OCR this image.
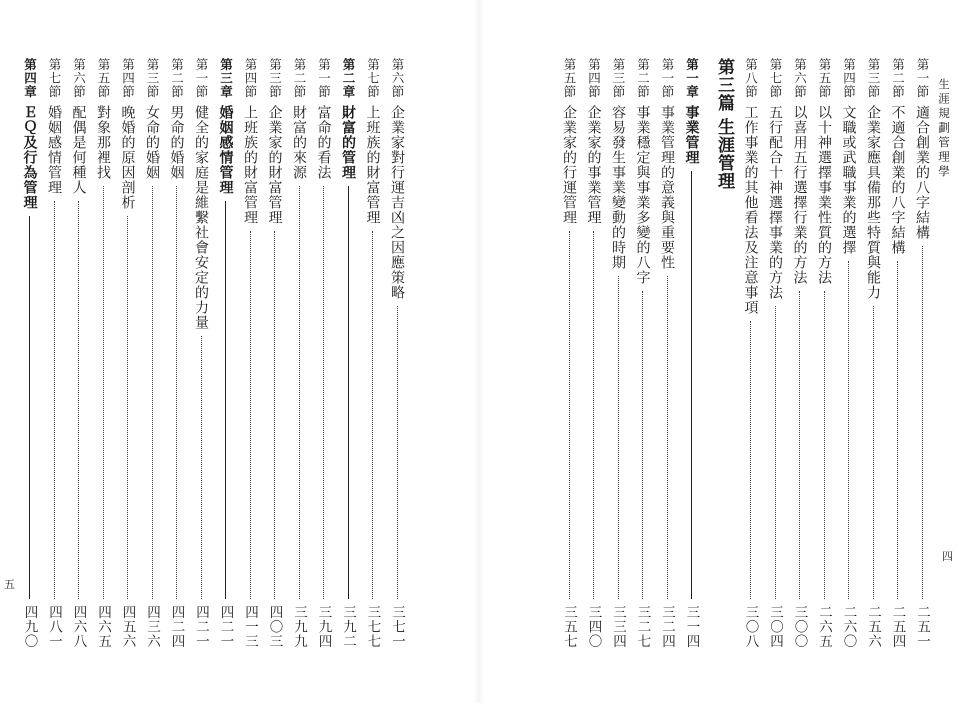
第六節
企業家對行運吉凶之因應策略
三七一
第七節
上班族的財富管理
三七七
第二章
財富的管理
三九二
第一節
富命的看法
三九四
第二節
財富的來源
三九九
第三節
企業家的財富管理
四〇三
第四節
上班族的財富管理
四一三
第三章
婚姻感情管理
四二一
第一節
健全的家庭是維繫社會安定的力量
四二一
第二節
男命的婚姻
四二四
第三節
女命的婚姻
四三六
第四節
晚婚的原因剖析
四五六
第五節
對象那裡找
四六五
第六節
配偶是何種人
四六八
第七節
婚姻感情管理
四八一
第四章
ＥＱ及行為管理
四九〇
第一節
適合創業的八字結構
二五一
第二節
不適合創業的八字結構
二五四
第三節
企業家應具備那些特質與能力
二五六
第四節
文職或武職事業的選擇
二六〇
第五節
以十神選擇事業性質的方法
二六五
第六節
以喜用五行選擇行業的方法
三〇〇
第七節
五行配合十神選擇事業的方法
三〇四
第八節
工作事業的其他看法及注意事項
三〇八
第三篇
生涯管理
第一章
事業管理
三一四
第一節
事業管理的意義與重要性
三二四
第二節
事業穩定與事業多變的八字
三二七
第三節
容易發生事業變動的時期
三三四
第四節
企業家的事業管理
三四〇
第五節
企業家的行運管理
三五七
生涯規劃管理學
五
四
